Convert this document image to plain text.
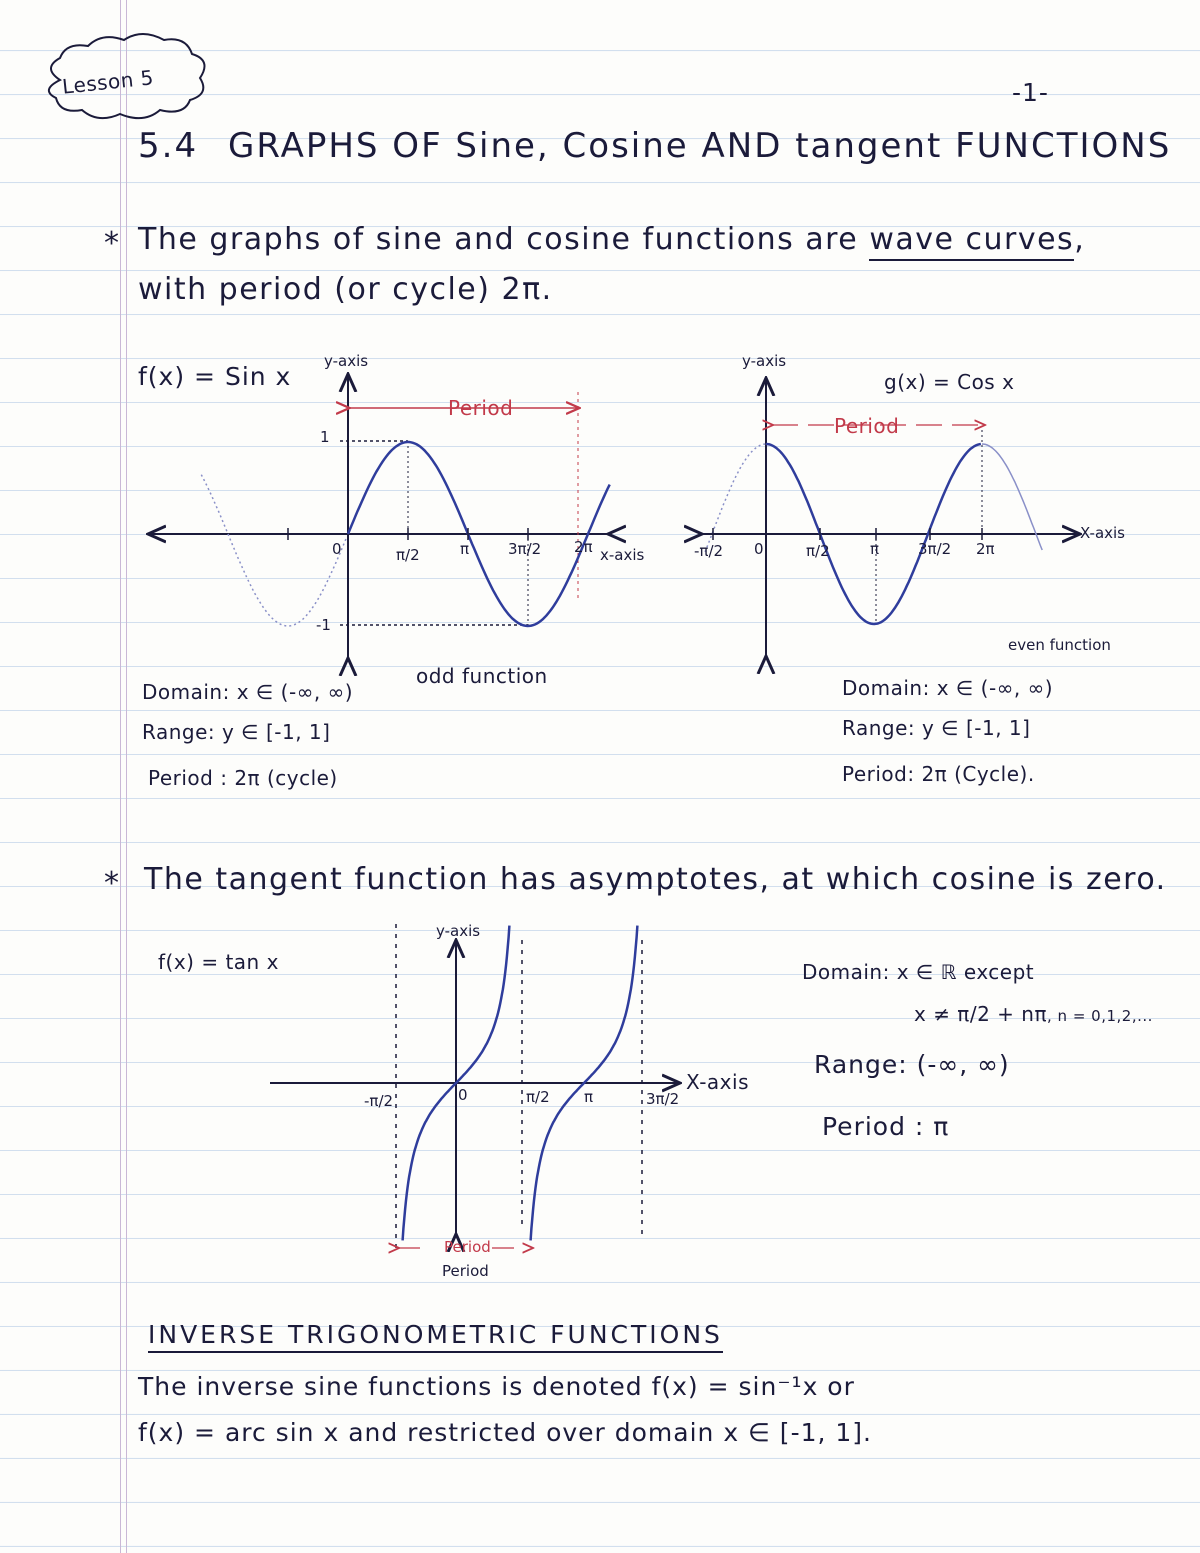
Lesson 5	-1-
5.4 GRAPHS OF Sine, Cosine AND tangent FUNCTIONS
* The graphs of sine and cosine functions are wave curves,
with period (or cycle) 2π.
f(x) = Sin x
y-axis
Period
1
-1
0	π/2	π	3π/2 2π x-axis
odd function
Domain: x ∈ (-∞, ∞)
Range: y ∈ [-1, 1]
Period : 2π (cycle)
y-axis
g(x) = Cos x
Period
-π/2 0	π/2	π	3π/2 2π
X-axis
even function
Domain: x ∈ (-∞, ∞)
Range: y ∈ [-1, 1]
Period: 2π (Cycle).
* The tangent function has asymptotes, at which cosine is zero.
f(x) = tan x
y-axis
-π/2	0	π/2 π	3π/2
X-axis
Period
Period
Domain: x ∈ ℝ except
x ≠ π/2 + nπ, n = 0,1,2,...
Range: (-∞, ∞)
Period : π
INVERSE TRIGONOMETRIC FUNCTIONS
The inverse sine functions is denoted f(x) = sin⁻¹x or
f(x) = arc sin x and restricted over domain x ∈ [-1, 1].
